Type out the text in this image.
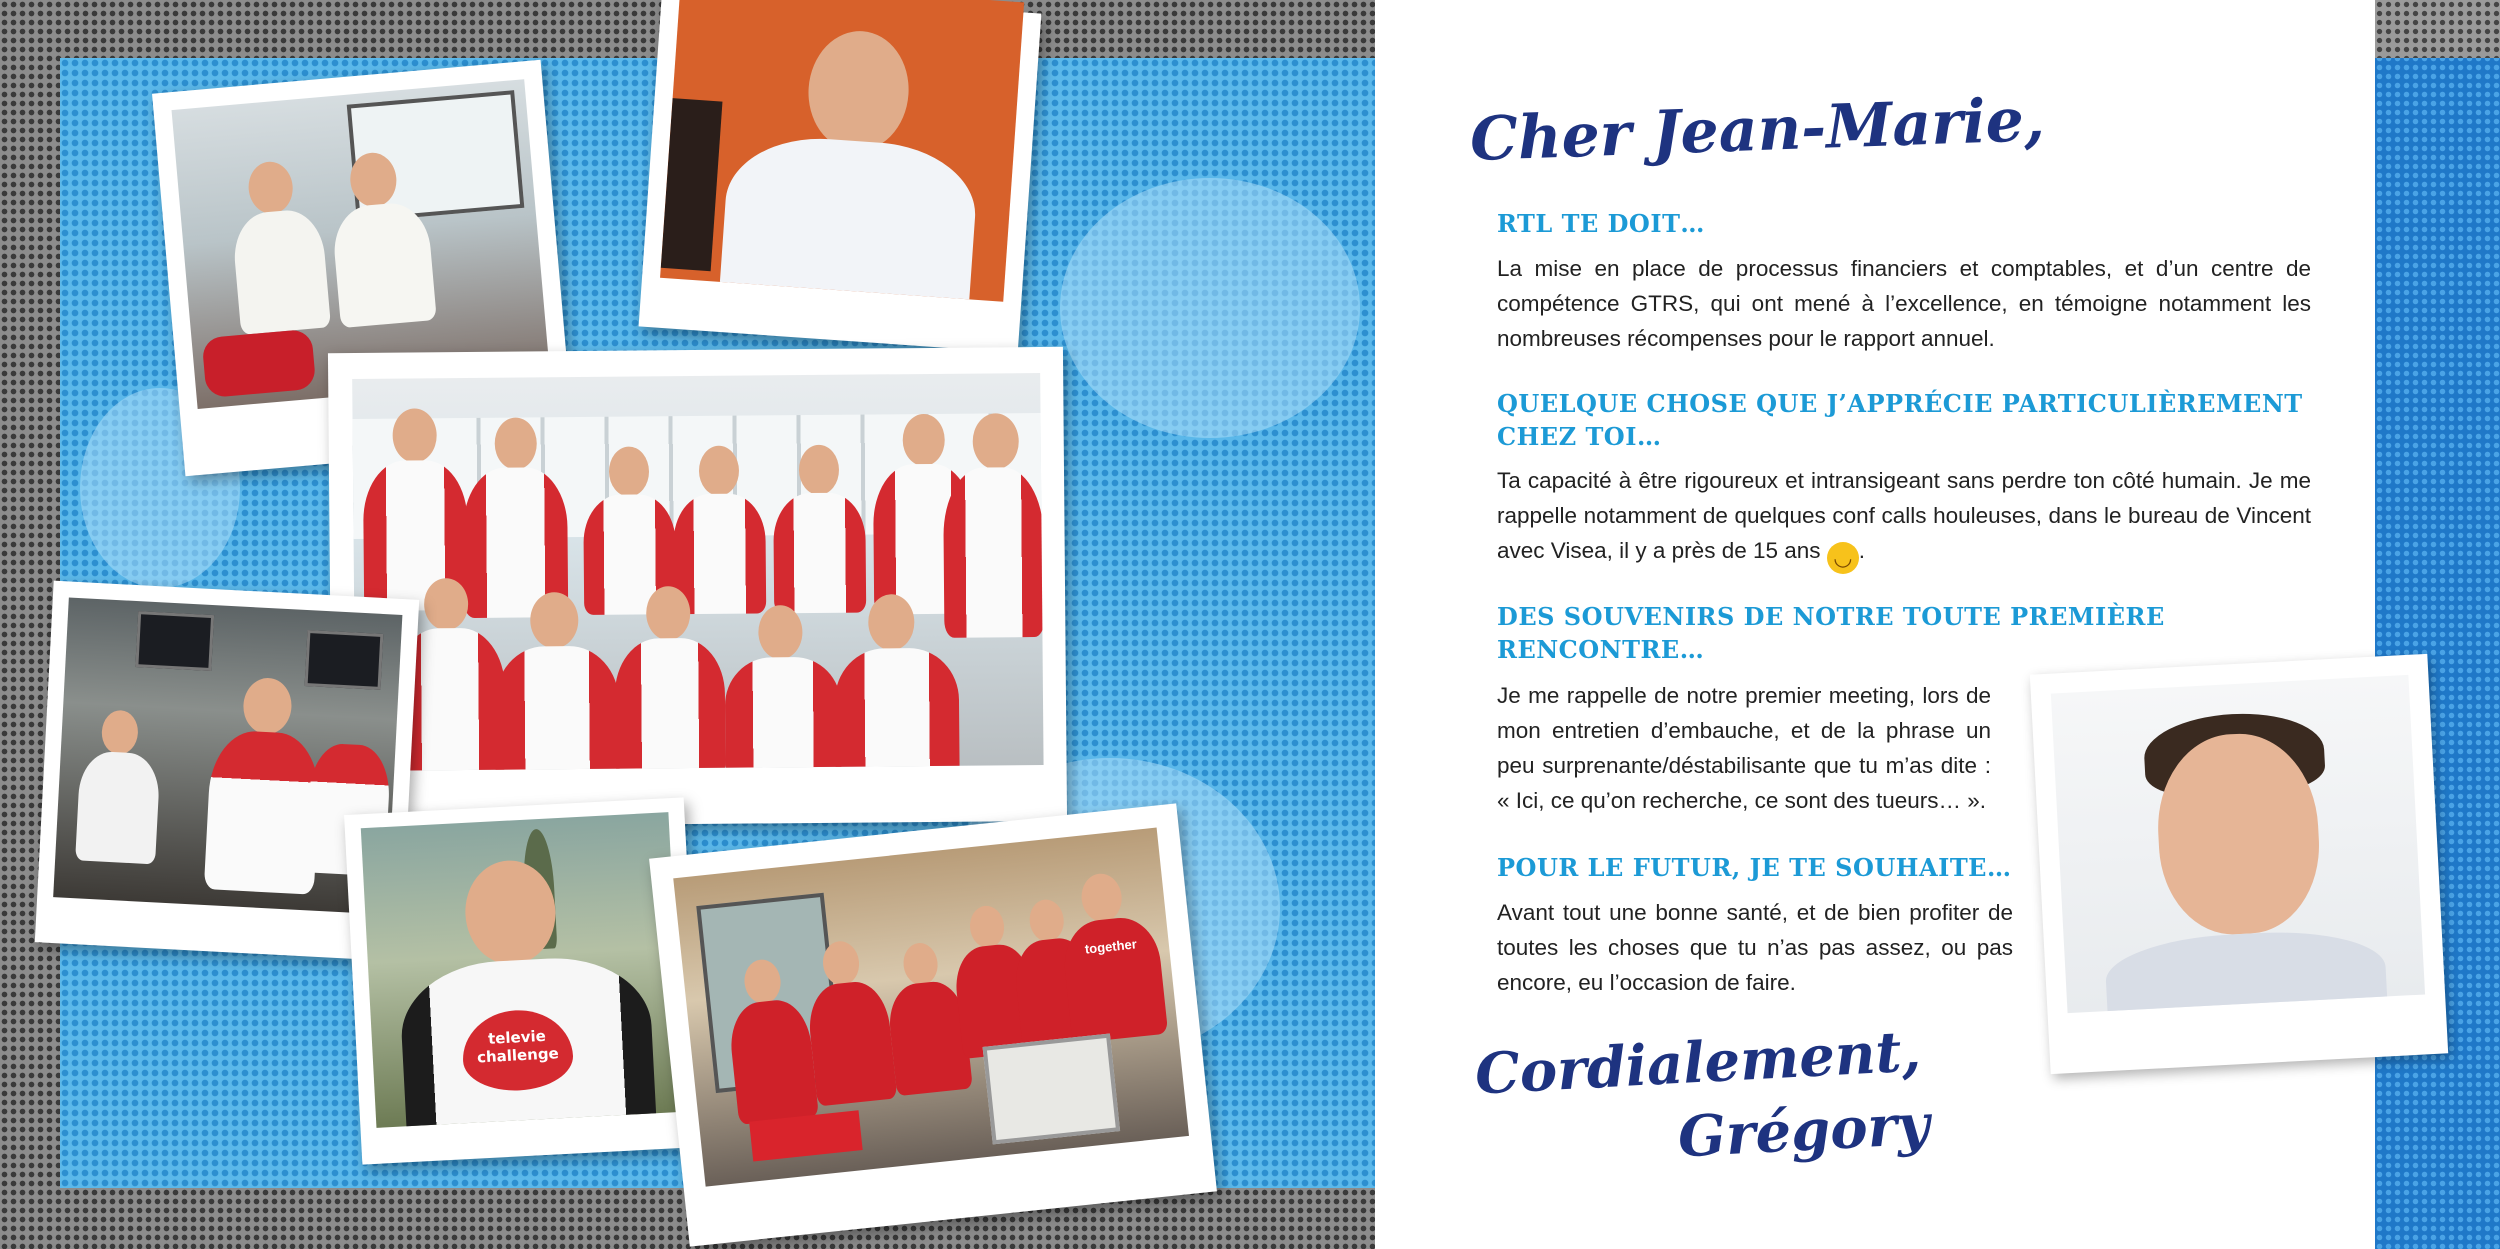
televie challenge
together
Cher Jean-Marie,
RTL TE DOIT…
La mise en place de processus financiers et comptables, et d’un centre de compétence GTRS, qui ont mené à l’excellence, en témoigne notamment les nombreuses récompenses pour le rapport annuel.
QUELQUE CHOSE QUE J’APPRÉCIE PARTICULIÈREMENT
CHEZ TOI…
Ta capacité à être rigoureux et intransigeant sans perdre ton côté humain. Je me rappelle notamment de quelques conf calls houleuses, dans le bureau de Vincent avec Visea, il y a près de 15 ans ◡ .
DES SOUVENIRS DE NOTRE TOUTE PREMIÈRE
RENCONTRE…
Je me rappelle de notre premier meeting, lors de mon entretien d’embauche, et de la phrase un peu surprenante/déstabilisante que tu m’as dite : « Ici, ce qu’on recherche, ce sont des tueurs… ».
POUR LE FUTUR, JE TE SOUHAITE…
Avant tout une bonne santé, et de bien profiter de toutes les choses que tu n’as pas assez, ou pas encore, eu l’occasion de faire.
Cordialement,
Grégory
